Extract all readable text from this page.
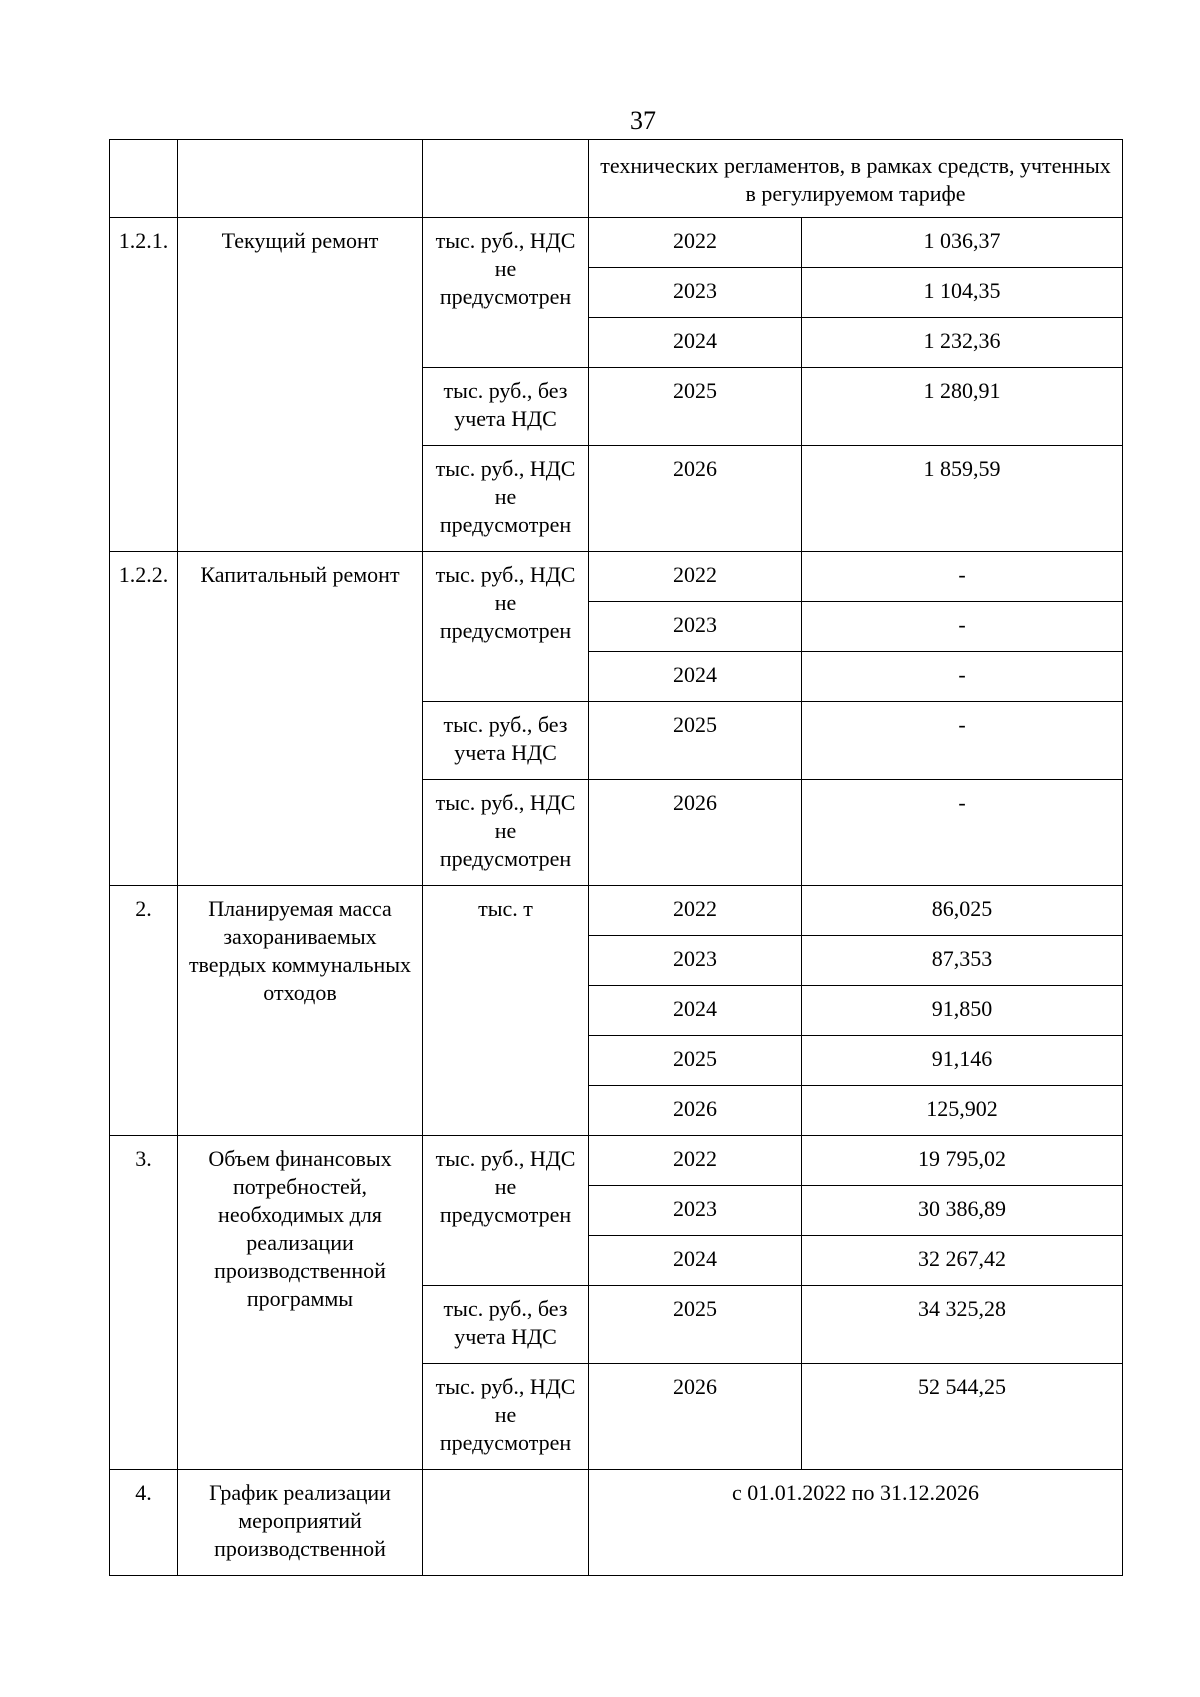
37
			технических регламентов, в рамках средств, учтенных в регулируемом тарифе	
1.2.1.	Текущий ремонт	тыс. руб., НДС не предусмотрен	2022	1 036,37
			2023	1 104,35
			2024	1 232,36
		тыс. руб., без учета НДС	2025	1 280,91
		тыс. руб., НДС не предусмотрен	2026	1 859,59
1.2.2.	Капитальный ремонт	тыс. руб., НДС не предусмотрен	2022	-
			2023	-
			2024	-
		тыс. руб., без учета НДС	2025	-
		тыс. руб., НДС не предусмотрен	2026	-
2.	Планируемая масса захораниваемых твердых коммунальных отходов	тыс. т	2022	86,025
			2023	87,353
			2024	91,850
			2025	91,146
			2026	125,902
3.	Объем финансовых потребностей, необходимых для реализации производственной программы	тыс. руб., НДС не предусмотрен	2022	19 795,02
			2023	30 386,89
			2024	32 267,42
		тыс. руб., без учета НДС	2025	34 325,28
		тыс. руб., НДС не предусмотрен	2026	52 544,25
4.	График реализации мероприятий производственной		с 01.01.2022 по 31.12.2026	
